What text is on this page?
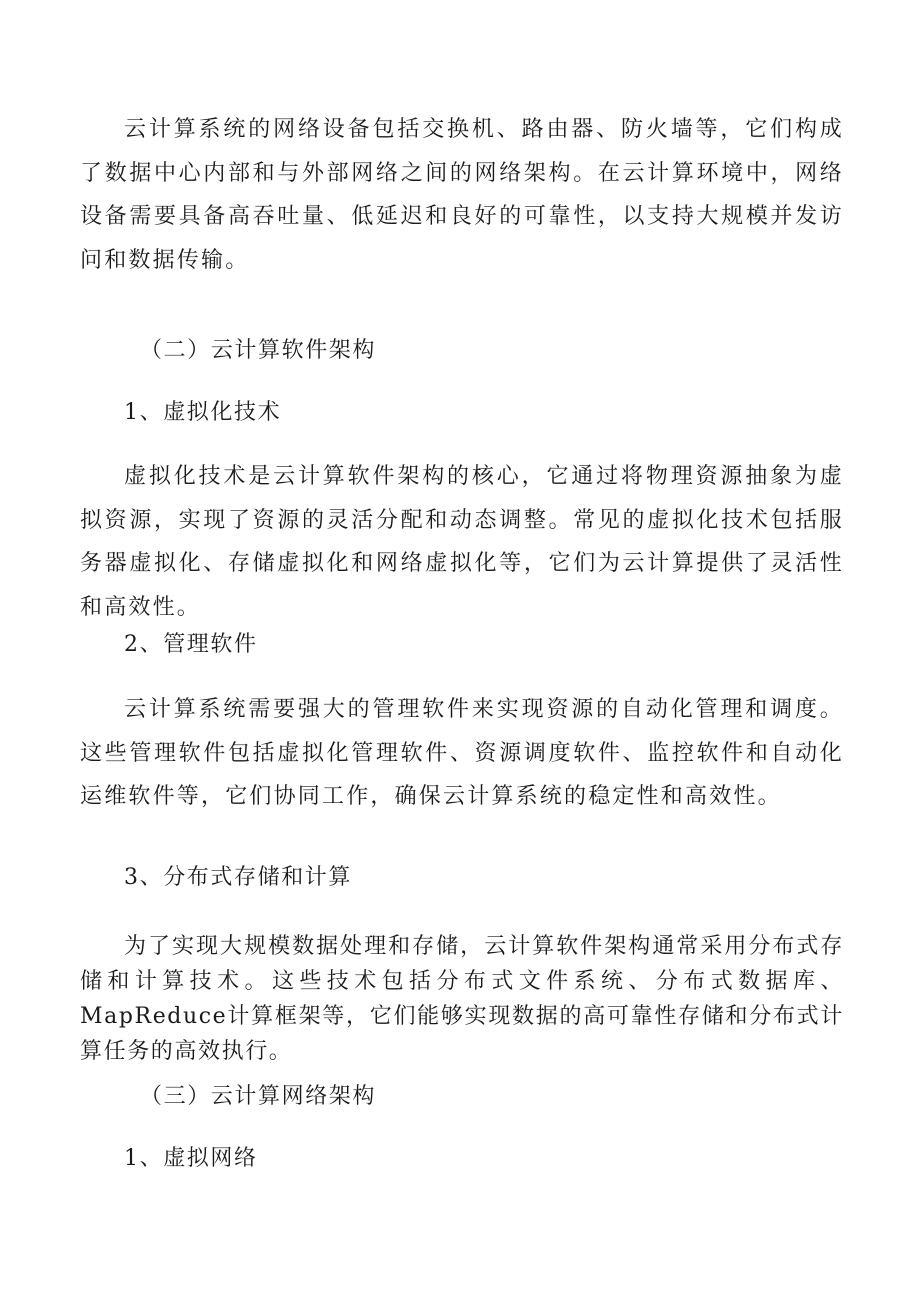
云计算系统的网络设备包括交换机、路由器、防火墙等，它们构成了数据中心内部和与外部网络之间的网络架构。在云计算环境中，网络设备需要具备高吞吐量、低延迟和良好的可靠性，以支持大规模并发访问和数据传输。

（二）云计算软件架构

1、虚拟化技术

虚拟化技术是云计算软件架构的核心，它通过将物理资源抽象为虚拟资源，实现了资源的灵活分配和动态调整。常见的虚拟化技术包括服务器虚拟化、存储虚拟化和网络虚拟化等，它们为云计算提供了灵活性和高效性。

2、管理软件

云计算系统需要强大的管理软件来实现资源的自动化管理和调度。这些管理软件包括虚拟化管理软件、资源调度软件、监控软件和自动化运维软件等，它们协同工作，确保云计算系统的稳定性和高效性。

3、分布式存储和计算

为了实现大规模数据处理和存储，云计算软件架构通常采用分布式存储和计算技术。这些技术包括分布式文件系统、分布式数据库、MapReduce计算框架等，它们能够实现数据的高可靠性存储和分布式计算任务的高效执行。

（三）云计算网络架构

1、虚拟网络
